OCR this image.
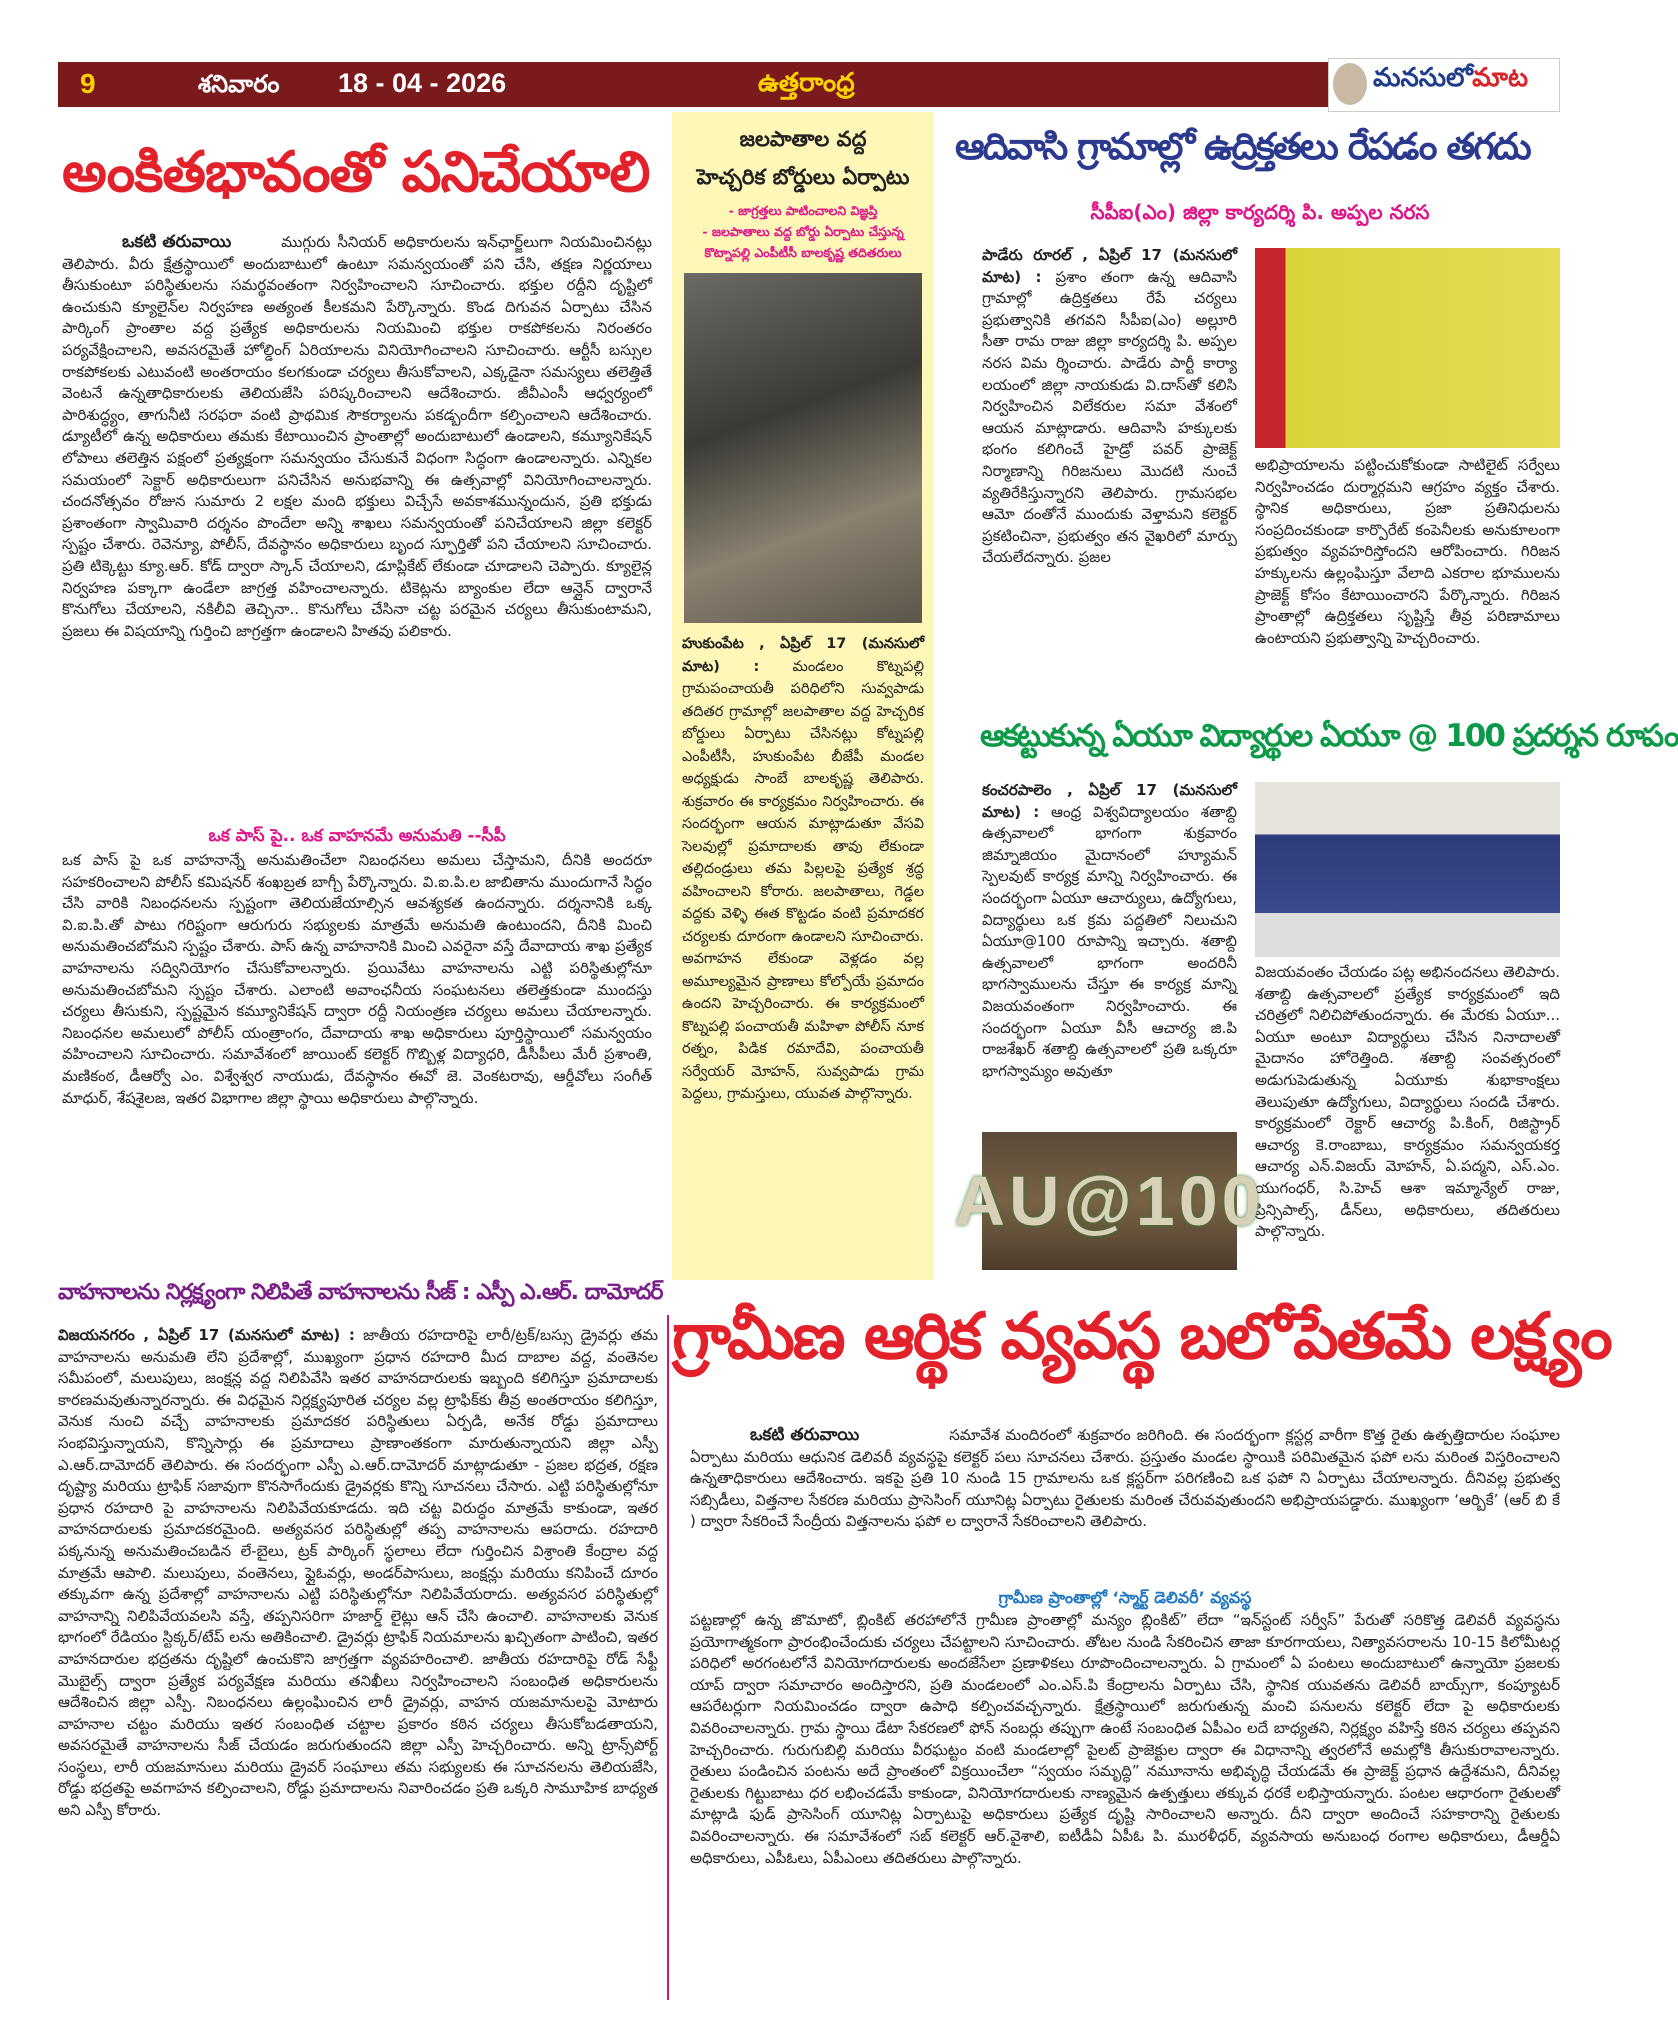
9	శనివారం 18 - 04 - 2026	ఉత్తరాంధ్ర	మనసులోమాట
అంకితభావంతో పనిచేయాలి
ఒకటి తరువాయి	ముగ్గురు సీనియర్ అధికారులను ఇన్‌ఛార్జ్‌లుగా నియమించినట్లు తెలిపారు. వీరు క్షేత్రస్థాయిలో అందుబాటులో ఉంటూ సమన్వయంతో పని చేసి, తక్షణ నిర్ణయాలు తీసుకుంటూ పరిస్థితులను సమర్థవంతంగా నిర్వహించాలని సూచించారు. భక్తుల రద్దీని దృష్టిలో ఉంచుకుని క్యూలైన్‌ల నిర్వహణ అత్యంత కీలకమని పేర్కొన్నారు. కొండ దిగువన ఏర్పాటు చేసిన పార్కింగ్ ప్రాంతాల వద్ద ప్రత్యేక అధికారులను నియమించి భక్తుల రాకపోకలను నిరంతరం పర్యవేక్షించాలని, అవసరమైతే హోల్డింగ్ ఏరియాలను వినియోగించాలని సూచించారు. ఆర్టీసీ బస్సుల రాకపోకలకు ఎటువంటి అంతరాయం కలగకుండా చర్యలు తీసుకోవాలని, ఎక్కడైనా సమస్యలు తలెత్తితే వెంటనే ఉన్నతాధికారులకు తెలియజేసి పరిష్కరించాలని ఆదేశించారు. జీవీఎంసీ ఆధ్వర్యంలో పారిశుద్ధ్యం, తాగునీటి సరఫరా వంటి ప్రాథమిక సౌకర్యాలను పకడ్బందీగా కల్పించాలని ఆదేశించారు. డ్యూటీలో ఉన్న అధికారులు తమకు కేటాయించిన ప్రాంతాల్లో అందుబాటులో ఉండాలని, కమ్యూనికేషన్ లోపాలు తలెత్తిన పక్షంలో ప్రత్యక్షంగా సమన్వయం చేసుకునే విధంగా సిద్ధంగా ఉండాలన్నారు. ఎన్నికల సమయంలో సెక్టార్ అధికారులుగా పనిచేసిన అనుభవాన్ని ఈ ఉత్సవాల్లో వినియోగించాలన్నారు. చందనోత్సవం రోజున సుమారు 2 లక్షల మంది భక్తులు విచ్చేసే అవకాశమున్నందున, ప్రతి భక్తుడు ప్రశాంతంగా స్వామివారి దర్శనం పొందేలా అన్ని శాఖలు సమన్వయంతో పనిచేయాలని జిల్లా కలెక్టర్ స్పష్టం చేశారు. రెవెన్యూ, పోలీస్, దేవస్థానం అధికారులు బృంద స్ఫూర్తితో పని చేయాలని సూచించారు. ప్రతి టిక్కెట్టు క్యూ.ఆర్. కోడ్ ద్వారా స్కాన్ చేయాలని, డూప్లికేట్ లేకుండా చూడాలని చెప్పారు. క్యూలైన్ల నిర్వహణ పక్కాగా ఉండేలా జాగ్రత్త వహించాలన్నారు. టికెట్లను బ్యాంకుల లేదా ఆన్లైన్ ద్వారానే కొనుగోలు చేయాలని, నకిలీవి తెచ్చినా.. కొనుగోలు చేసినా చట్ట పరమైన చర్యలు తీసుకుంటామని, ప్రజలు ఈ విషయాన్ని గుర్తించి జాగ్రత్తగా ఉండాలని హితవు పలికారు.
ఒక పాస్ పై.. ఒక వాహనమే అనుమతి --సీపీ
ఒక పాస్ పై ఒక వాహనాన్నే అనుమతించేలా నిబంధనలు అమలు చేస్తామని, దీనికి అందరూ సహకరించాలని పోలీస్ కమిషనర్ శంఖబ్రత బాగ్చీ పేర్కొన్నారు. వి.ఐ.పి.ల జాబితాను ముందుగానే సిద్ధం చేసి వారికి నిబంధనలను స్పష్టంగా తెలియజేయాల్సిన ఆవశ్యకత ఉందన్నారు. దర్శనానికి ఒక్క వి.ఐ.పి.తో పాటు గరిష్టంగా ఆరుగురు సభ్యులకు మాత్రమే అనుమతి ఉంటుందని, దీనికి మించి అనుమతించబోమని స్పష్టం చేశారు. పాస్ ఉన్న వాహనానికి మించి ఎవరైనా వస్తే దేవాదాయ శాఖ ప్రత్యేక వాహనాలను సద్వినియోగం చేసుకోవాలన్నారు. ప్రయివేటు వాహనాలను ఎట్టి పరిస్థితుల్లోనూ అనుమతించబోమని స్పష్టం చేశారు. ఎలాంటి అవాంఛనీయ సంఘటనలు తలెత్తకుండా ముందస్తు చర్యలు తీసుకుని, స్పష్టమైన కమ్యూనికేషన్ ద్వారా రద్దీ నియంత్రణ చర్యలు అమలు చేయాలన్నారు. నిబంధనల అమలులో పోలీస్ యంత్రాంగం, దేవాదాయ శాఖ అధికారులు పూర్తిస్థాయిలో సమన్వయం వహించాలని సూచించారు. సమావేశంలో జాయింట్ కలెక్టర్ గొబ్బిళ్ల విద్యాధరి, డీసీపీలు మేరీ ప్రశాంతి, మణికంఠ, డీఆర్వో ఎం. విశ్వేశ్వర నాయుడు, దేవస్థానం ఈవో జె. వెంకటరావు, ఆర్డీవోలు సంగీత్ మాధుర్, శేషశైలజ, ఇతర విభాగాల జిల్లా స్థాయి అధికారులు పాల్గొన్నారు.
వాహనాలను నిర్లక్ష్యంగా నిలిపితే వాహనాలను సీజ్ : ఎస్పీ ఎ.ఆర్. దామోదర్
విజయనగరం , ఏప్రిల్ 17 (మనసులో మాట) : జాతీయ రహదారిపై లారీ/ట్రక్/బస్సు డ్రైవర్లు తమ వాహనాలను అనుమతి లేని ప్రదేశాల్లో, ముఖ్యంగా ప్రధాన రహదారి మీద దాబాల వద్ద, వంతెనల సమీపంలో, మలుపులు, జంక్షన్ల వద్ద నిలిపివేసి ఇతర వాహనదారులకు ఇబ్బంది కలిగిస్తూ ప్రమాదాలకు కారణమవుతున్నారన్నారు. ఈ విధమైన నిర్లక్ష్యపూరిత చర్యల వల్ల ట్రాఫిక్‌కు తీవ్ర అంతరాయం కలిగిస్తూ, వెనుక నుంచి వచ్చే వాహనాలకు ప్రమాదకర పరిస్థితులు ఏర్పడి, అనేక రోడ్డు ప్రమాదాలు సంభవిస్తున్నాయని, కొన్నిసార్లు ఈ ప్రమాదాలు ప్రాణాంతకంగా మారుతున్నాయని జిల్లా ఎస్పీ ఎ.ఆర్.దామోదర్ తెలిపారు. ఈ సందర్భంగా ఎస్పీ ఎ.ఆర్.దామోదర్ మాట్లాడుతూ - ప్రజల భద్రత, రక్షణ దృష్ట్యా మరియు ట్రాఫిక్ సజావుగా కొనసాగేందుకు డ్రైవర్లకు కొన్ని సూచనలు చేసారు. ఎట్టి పరిస్థితుల్లోనూ ప్రధాన రహదారి పై వాహనాలను నిలిపివేయకూడదు. ఇది చట్ట విరుద్ధం మాత్రమే కాకుండా, ఇతర వాహనదారులకు ప్రమాదకరమైంది. అత్యవసర పరిస్థితుల్లో తప్ప వాహనాలను ఆపరాదు. రహదారి పక్కనున్న అనుమతించబడిన లే-బైలు, ట్రక్ పార్కింగ్ స్థలాలు లేదా గుర్తించిన విశ్రాంతి కేంద్రాల వద్ద మాత్రమే ఆపాలి. మలుపులు, వంతెనలు, ఫ్లైఓవర్లు, అండర్‌పాసులు, జంక్షన్లు మరియు కనిపించే దూరం తక్కువగా ఉన్న ప్రదేశాల్లో వాహనాలను ఎట్టి పరిస్థితుల్లోనూ నిలిపివేయరాదు. అత్యవసర పరిస్థితుల్లో వాహనాన్ని నిలిపివేయవలసి వస్తే, తప్పనిసరిగా హజార్డ్ లైట్లు ఆన్ చేసి ఉంచాలి. వాహనాలకు వెనుక భాగంలో రేడియం స్టిక్కర్/టేప్ లను అతికించాలి. డ్రైవర్లు ట్రాఫిక్ నియమాలను ఖచ్చితంగా పాటించి, ఇతర వాహనదారుల భద్రతను దృష్టిలో ఉంచుకొని జాగ్రత్తగా వ్యవహరించాలి. జాతీయ రహదారిపై రోడ్ సేఫ్టీ మొబైల్స్ ద్వారా ప్రత్యేక పర్యవేక్షణ మరియు తనిఖీలు నిర్వహించాలని సంబంధిత అధికారులను ఆదేశించిన జిల్లా ఎస్పీ. నిబంధనలు ఉల్లంఘించిన లారీ డ్రైవర్లు, వాహన యజమానులపై మోటారు వాహనాల చట్టం మరియు ఇతర సంబంధిత చట్టాల ప్రకారం కఠిన చర్యలు తీసుకోబడతాయని, అవసరమైతే వాహనాలను సీజ్ చేయడం జరుగుతుందని జిల్లా ఎస్పీ హెచ్చరించారు. అన్ని ట్రాన్స్‌పోర్ట్ సంస్థలు, లారీ యజమానులు మరియు డ్రైవర్ సంఘాలు తమ సభ్యులకు ఈ సూచనలను తెలియజేసి, రోడ్డు భద్రతపై అవగాహన కల్పించాలని, రోడ్డు ప్రమాదాలను నివారించడం ప్రతి ఒక్కరి సామూహిక బాధ్యత అని ఎస్పీ కోరారు.
జలపాతాల వద్ద
హెచ్చరిక బోర్డులు ఏర్పాటు
- జాగ్రత్తలు పాటించాలని విజ్ఞప్తి
- జలపాతాలు వద్ద బోర్డు ఏర్పాటు చేస్తున్న కొట్నాపల్లి ఎంపీటీసీ బాలకృష్ణ తదితరులు
హుకుంపేట , ఏప్రిల్ 17 (మనసులో మాట) : మండలం కొట్నపల్లి గ్రామపంచాయతీ పరిధిలోని సువ్వపాడు తదితర గ్రామాల్లో జలపాతాల వద్ద హెచ్చరిక బోర్డులు ఏర్పాటు చేసినట్లు కోట్నపల్లి ఎంపీటీసీ, హుకుంపేట బీజేపీ మండల అధ్యక్షుడు సాంబే బాలకృష్ణ తెలిపారు. శుక్రవారం ఈ కార్యక్రమం నిర్వహించారు. ఈ సందర్భంగా ఆయన మాట్లాడుతూ వేసవి సెలవుల్లో ప్రమాదాలకు తావు లేకుండా తల్లిదండ్రులు తమ పిల్లలపై ప్రత్యేక శ్రద్ధ వహించాలని కోరారు. జలపాతాలు, గెడ్డల వద్దకు వెళ్ళి ఈత కొట్టడం వంటి ప్రమాదకర చర్యలకు దూరంగా ఉండాలని సూచించారు. అవగాహన లేకుండా వెళ్లడం వల్ల అమూల్యమైన ప్రాణాలు కోల్పోయే ప్రమాదం ఉందని హెచ్చరించారు. ఈ కార్యక్రమంలో కొట్నపల్లి పంచాయతీ మహిళా పోలీస్ నూక రత్నం, పిడిక రమాదేవి, పంచాయతీ సర్వేయర్ మోహన్, సువ్వపాడు గ్రామ పెద్దలు, గ్రామస్తులు, యువత పాల్గొన్నారు.
ఆదివాసి గ్రామాల్లో ఉద్రిక్తతలు రేపడం తగదు
సీపీఐ(ఎం) జిల్లా కార్యదర్శి పి. అప్పల నరస
పాడేరు రూరల్ , ఏప్రిల్ 17 (మనసులో మాట) : ప్రశాం తంగా ఉన్న ఆదివాసి గ్రామాల్లో ఉద్రిక్తతలు రేపే చర్యలు ప్రభుత్వానికి తగవని సీపీఐ(ఎం) అల్లూరి సీతా రామ రాజు జిల్లా కార్యదర్శి పి. అప్పల నరస విమ ర్శించారు. పాడేరు పార్టీ కార్యా లయంలో జిల్లా నాయకుడు వి.దాస్‌తో కలిసి నిర్వహించిన విలేకరుల సమా వేశంలో ఆయన మాట్లాడారు. ఆదివాసి హక్కులకు భంగం కలిగించే హైడ్రో పవర్ ప్రాజెక్ట్ నిర్మాణాన్ని గిరిజనులు మొదటి నుంచే వ్యతిరేకిస్తున్నారని తెలిపారు. గ్రామసభల ఆమో దంతోనే ముందుకు వెళ్తామని కలెక్టర్ ప్రకటించినా, ప్రభుత్వం తన వైఖరిలో మార్పు చేయలేదన్నారు. ప్రజల
అభిప్రాయాలను పట్టించుకోకుండా సాటిలైట్ సర్వేలు నిర్వహించడం దుర్మార్గమని ఆగ్రహం వ్యక్తం చేశారు. స్థానిక అధికారులు, ప్రజా ప్రతినిధులను సంప్రదించకుండా కార్పొరేట్ కంపెనీలకు అనుకూలంగా ప్రభుత్వం వ్యవహరిస్తోందని ఆరోపించారు. గిరిజన హక్కులను ఉల్లంఘిస్తూ వేలాది ఎకరాల భూములను ప్రాజెక్ట్ కోసం కేటాయించారని పేర్కొన్నారు. గిరిజన ప్రాంతాల్లో ఉద్రిక్తతలు సృష్టిస్తే తీవ్ర పరిణామాలు ఉంటాయని ప్రభుత్వాన్ని హెచ్చరించారు.
ఆకట్టుకున్న ఏయూ విద్యార్థుల ఏయూ @ 100 ప్రదర్శన రూపం
కంచరపాలెం , ఏప్రిల్ 17 (మనసులో మాట) : ఆంధ్ర విశ్వవిద్యాలయం శతాబ్ది ఉత్సవాలలో భాగంగా శుక్రవారం జిమ్నాజియం మైదానంలో హ్యూమన్ స్పెలవుట్ కార్యక్ర మాన్ని నిర్వహించారు. ఈ సందర్భంగా ఏయూ ఆచార్యులు, ఉద్యోగులు, విద్యార్థులు ఒక క్రమ పద్దతిలో నిలుచుని ఏయూ@100 రూపాన్ని ఇచ్చారు. శతాబ్ది ఉత్సవాలలో భాగంగా అందరినీ భాగస్వాములను చేస్తూ ఈ కార్యక్ర మాన్ని విజయవంతంగా నిర్వహించారు. ఈ సందర్భంగా ఏయూ వీసీ ఆచార్య జి.పి రాజశేఖర్ శతాబ్ది ఉత్సవాలలో ప్రతి ఒక్కరూ భాగస్వామ్యం అవుతూ
విజయవంతం చేయడం పట్ల అభినందనలు తెలిపారు. శతాబ్ది ఉత్సవాలలో ప్రత్యేక కార్యక్రమంలో ఇది చరిత్రలో నిలిచిపోతుందన్నారు. ఈ మేరకు ఏయూ... ఏయూ అంటూ విద్యార్థులు చేసిన నినాదాలతో మైదానం హోరెత్తింది. శతాబ్ది సంవత్సరంలో అడుగుపెడుతున్న ఏయూకు శుభాకాంక్షలు తెలుపుతూ ఉద్యోగులు, విద్యార్థులు సందడి చేశారు. కార్యక్రమంలో రెక్టార్ ఆచార్య పి.కింగ్, రిజిస్ట్రార్ ఆచార్య కె.రాంబాబు, కార్యక్రమం సమన్వయకర్త ఆచార్య ఎన్.విజయ్ మోహన్, ఏ.పద్మని, ఎస్.ఎం. యుగంధర్, సి.హెచ్ ఆశా ఇమ్మాన్యేల్ రాజు, ప్రిన్సిపాల్స్, డీన్‌లు, అధికారులు, తదితరులు పాల్గొన్నారు.
AU@100
గ్రామీణ ఆర్థిక వ్యవస్థ బలోపేతమే లక్ష్యం
ఒకటి తరువాయి	సమావేశ మందిరంలో శుక్రవారం జరిగింది. ఈ సందర్భంగా క్లస్టర్ల వారీగా కొత్త రైతు ఉత్పత్తిదారుల సంఘాల ఏర్పాటు మరియు ఆధునిక డెలివరీ వ్యవస్థపై కలెక్టర్ పలు సూచనలు చేశారు. ప్రస్తుతం మండల స్థాయికి పరిమితమైన ఫపో లను మరింత విస్తరించాలని ఉన్నతాధికారులు ఆదేశించారు. ఇకపై ప్రతి 10 నుండి 15 గ్రామాలను ఒక క్లస్టర్‌గా పరిగణించి ఒక ఫపో ని ఏర్పాటు చేయాలన్నారు. దీనివల్ల ప్రభుత్వ సబ్సిడీలు, విత్తనాల సేకరణ మరియు ప్రాసెసింగ్ యూనిట్ల ఏర్పాటు రైతులకు మరింత చేరువవుతుందని అభిప్రాయపడ్డారు. ముఖ్యంగా ‘ఆర్బికే’ (ఆర్ బి కే ) ద్వారా సేకరించే సేంద్రీయ విత్తనాలను ఫపో ల ద్వారానే సేకరించాలని తెలిపారు.
గ్రామీణ ప్రాంతాల్లో ‘స్మార్ట్ డెలివరీ’ వ్యవస్థ
పట్టణాల్లో ఉన్న జొమాటో, బ్లింకిట్ తరహాలోనే గ్రామీణ ప్రాంతాల్లో మన్యం బ్లింకిట్” లేదా “ఇన్‌స్టంట్ సర్వీస్” పేరుతో సరికొత్త డెలివరీ వ్యవస్థను ప్రయోగాత్మకంగా ప్రారంభించేందుకు చర్యలు చేపట్టాలని సూచించారు. తోటల నుండి సేకరించిన తాజా కూరగాయలు, నిత్యావసరాలను 10-15 కిలోమీటర్ల పరిధిలో అరగంటలోనే వినియోగదారులకు అందజేసేలా ప్రణాళికలు రూపొందించాలన్నారు. ఏ గ్రామంలో ఏ పంటలు అందుబాటులో ఉన్నాయో ప్రజలకు యాప్ ద్వారా సమాచారం అందిస్తారని, ప్రతి మండలంలో ఎం.ఎస్.పి కేంద్రాలను ఏర్పాటు చేసి, స్థానిక యువతను డెలివరీ బాయ్స్‌గా, కంప్యూటర్ ఆపరేటర్లుగా నియమించడం ద్వారా ఉపాధి కల్పించవచ్చన్నారు. క్షేత్రస్థాయిలో జరుగుతున్న మంచి పనులను కలెక్టర్ లేదా పై అధికారులకు వివరించాలన్నారు. గ్రామ స్థాయి డేటా సేకరణలో ఫోన్ నంబర్లు తప్పుగా ఉంటే సంబంధిత ఏపీఎం లదే బాధ్యతని, నిర్లక్ష్యం వహిస్తే కఠిన చర్యలు తప్పవని హెచ్చరించారు. గురుగుబిల్లి మరియు వీరఘట్టం వంటి మండలాల్లో పైలట్ ప్రాజెక్టుల ద్వారా ఈ విధానాన్ని త్వరలోనే అమల్లోకి తీసుకురావాలన్నారు. రైతులు పండించిన పంటను అదే ప్రాంతంలో విక్రయించేలా “స్వయం సమృద్ధి” నమూనాను అభివృద్ధి చేయడమే ఈ ప్రాజెక్ట్ ప్రధాన ఉద్దేశమని, దీనివల్ల రైతులకు గిట్టుబాటు ధర లభించడమే కాకుండా, వినియోగదారులకు నాణ్యమైన ఉత్పత్తులు తక్కువ ధరకే లభిస్తాయన్నారు. పంటల ఆధారంగా రైతులతో మాట్లాడి ఫుడ్ ప్రాసెసింగ్ యూనిట్ల ఏర్పాటుపై అధికారులు ప్రత్యేక దృష్టి సారించాలని అన్నారు. దీని ద్వారా అందించే సహకారాన్ని రైతులకు వివరించాలన్నారు. ఈ సమావేశంలో సబ్ కలెక్టర్ ఆర్.వైశాలి, ఐటీడీఏ ఏపీఓ పి. మురళీధర్, వ్యవసాయ అనుబంధ రంగాల అధికారులు, డీఆర్డీఏ అధికారులు, ఎపీఓలు, ఏపీఎంలు తదితరులు పాల్గొన్నారు.
